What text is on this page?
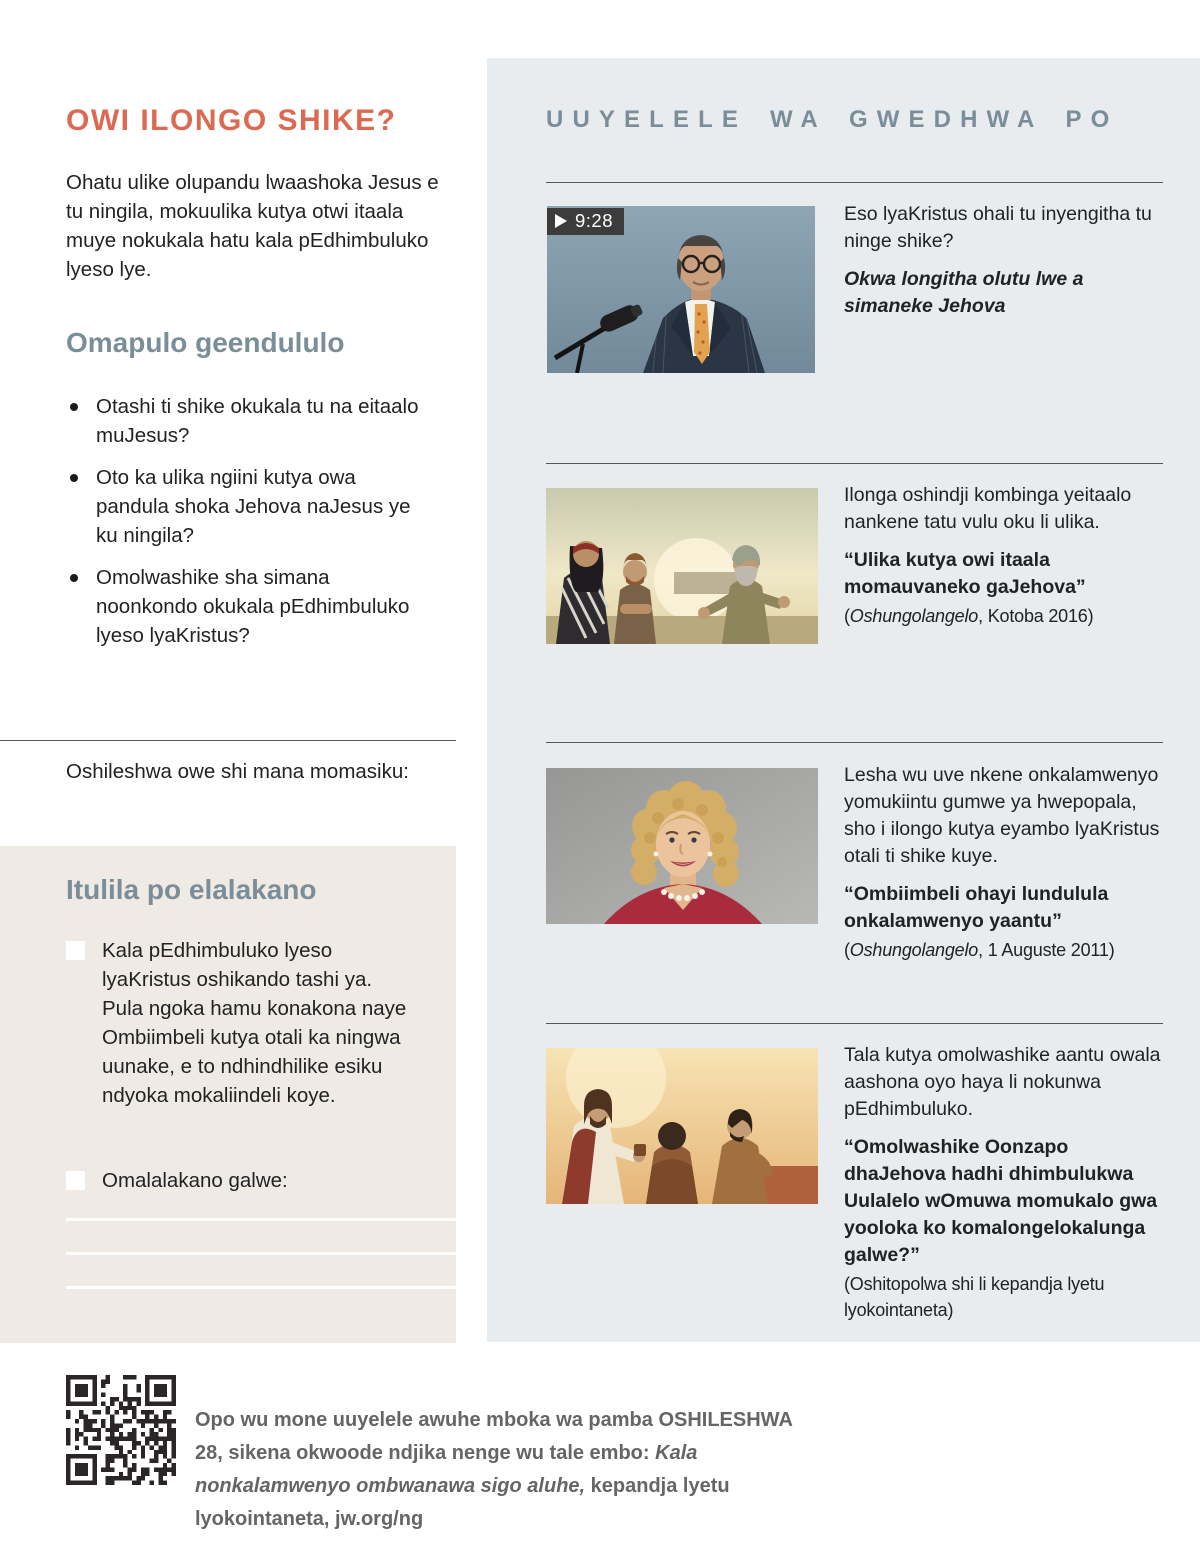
OWI ILONGO SHIKE?

Ohatu ulike olupandu lwaashoka Jesus e tu ningila, mokuulika kutya otwi itaala muye nokukala hatu kala pEdhimbuluko lyeso lye.

Omapulo geendululo
Otashi ti shike okukala tu na eitaalo muJesus?
Oto ka ulika ngiini kutya owa pandula shoka Jehova naJesus ye ku ningila?
Omolwashike sha simana noonkondo okukala pEdhimbuluko lyeso lyaKristus?

Oshileshwa owe shi mana momasiku:

Itulila po elalakano

Kala pEdhimbuluko lyeso lyaKristus oshikando tashi ya. Pula ngoka hamu konakona naye Ombiimbeli kutya otali ka ningwa uunake, e to ndhindhilike esiku ndyoka mokaliindeli koye.

Omalalakano galwe:

UUYELELE WA GWEDHWA PO
9:28	Eso lyaKristus ohali tu inyengitha tu ninge shike?

Okwa longitha olutu lwe a simaneke Jehova

Ilonga oshindji kombinga yeitaalo nankene tatu vulu oku li ulika.

“Ulika kutya owi itaala momauvaneko gaJehova”

(Oshungolangelo, Kotoba 2016)

Lesha wu uve nkene onkalamwenyo yomukiintu gumwe ya hwepopala, sho i ilongo kutya eyambo lyaKristus otali ti shike kuye.

“Ombiimbeli ohayi lundulula onkalamwenyo yaantu”

(Oshungolangelo, 1 Auguste 2011)

Tala kutya omolwashike aantu owala aashona oyo haya li nokunwa pEdhimbuluko.

“Omolwashike Oonzapo dhaJehova hadhi dhimbulukwa Uulalelo wOmuwa momukalo gwa yooloka ko komalongelokalunga galwe?”

(Oshitopolwa shi li kepandja lyetu lyokointaneta)

Opo wu mone uuyelele awuhe mboka wa pamba OSHILESHWA 28, sikena okwoode ndjika nenge wu tale embo: Kala nonkalamwenyo ombwanawa sigo aluhe, kepandja lyetu lyokointaneta, jw.org/ng
